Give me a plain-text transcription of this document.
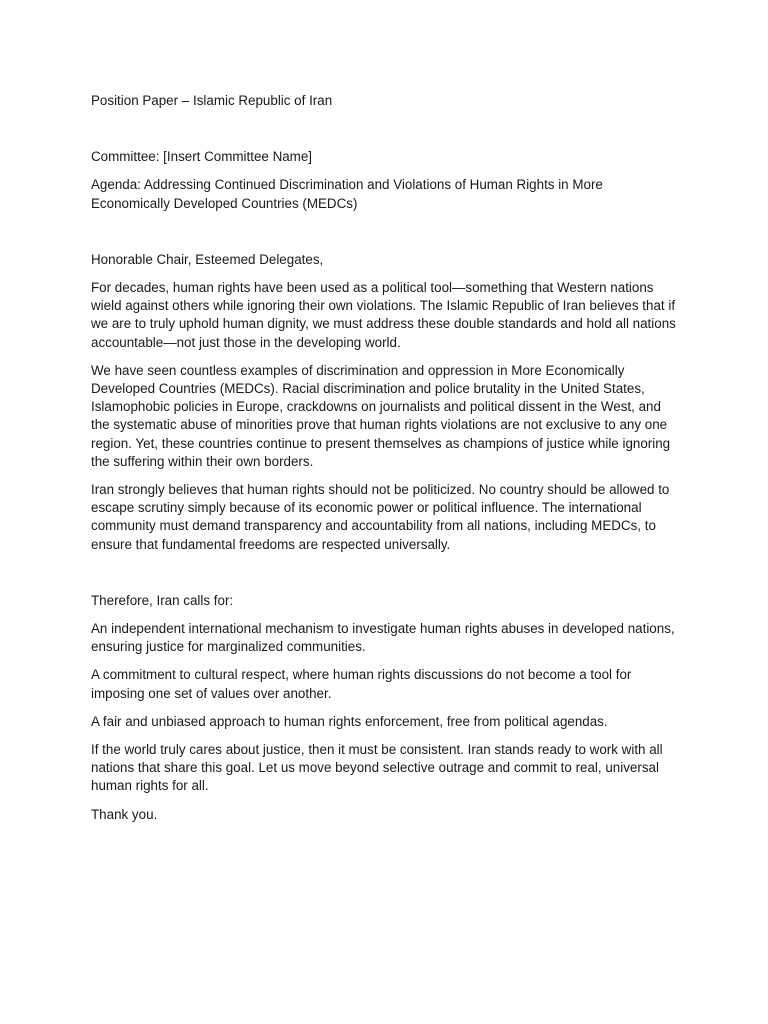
Position Paper – Islamic Republic of Iran

Committee: [Insert Committee Name]

Agenda: Addressing Continued Discrimination and Violations of Human Rights in More Economically Developed Countries (MEDCs)

Honorable Chair, Esteemed Delegates,

For decades, human rights have been used as a political tool—something that Western nations wield against others while ignoring their own violations. The Islamic Republic of Iran believes that if we are to truly uphold human dignity, we must address these double standards and hold all nations accountable—not just those in the developing world.

We have seen countless examples of discrimination and oppression in More Economically Developed Countries (MEDCs). Racial discrimination and police brutality in the United States, Islamophobic policies in Europe, crackdowns on journalists and political dissent in the West, and the systematic abuse of minorities prove that human rights violations are not exclusive to any one region. Yet, these countries continue to present themselves as champions of justice while ignoring the suffering within their own borders.

Iran strongly believes that human rights should not be politicized. No country should be allowed to escape scrutiny simply because of its economic power or political influence. The international community must demand transparency and accountability from all nations, including MEDCs, to ensure that fundamental freedoms are respected universally.

Therefore, Iran calls for:

An independent international mechanism to investigate human rights abuses in developed nations, ensuring justice for marginalized communities.

A commitment to cultural respect, where human rights discussions do not become a tool for imposing one set of values over another.

A fair and unbiased approach to human rights enforcement, free from political agendas.

If the world truly cares about justice, then it must be consistent. Iran stands ready to work with all nations that share this goal. Let us move beyond selective outrage and commit to real, universal human rights for all.

Thank you.
